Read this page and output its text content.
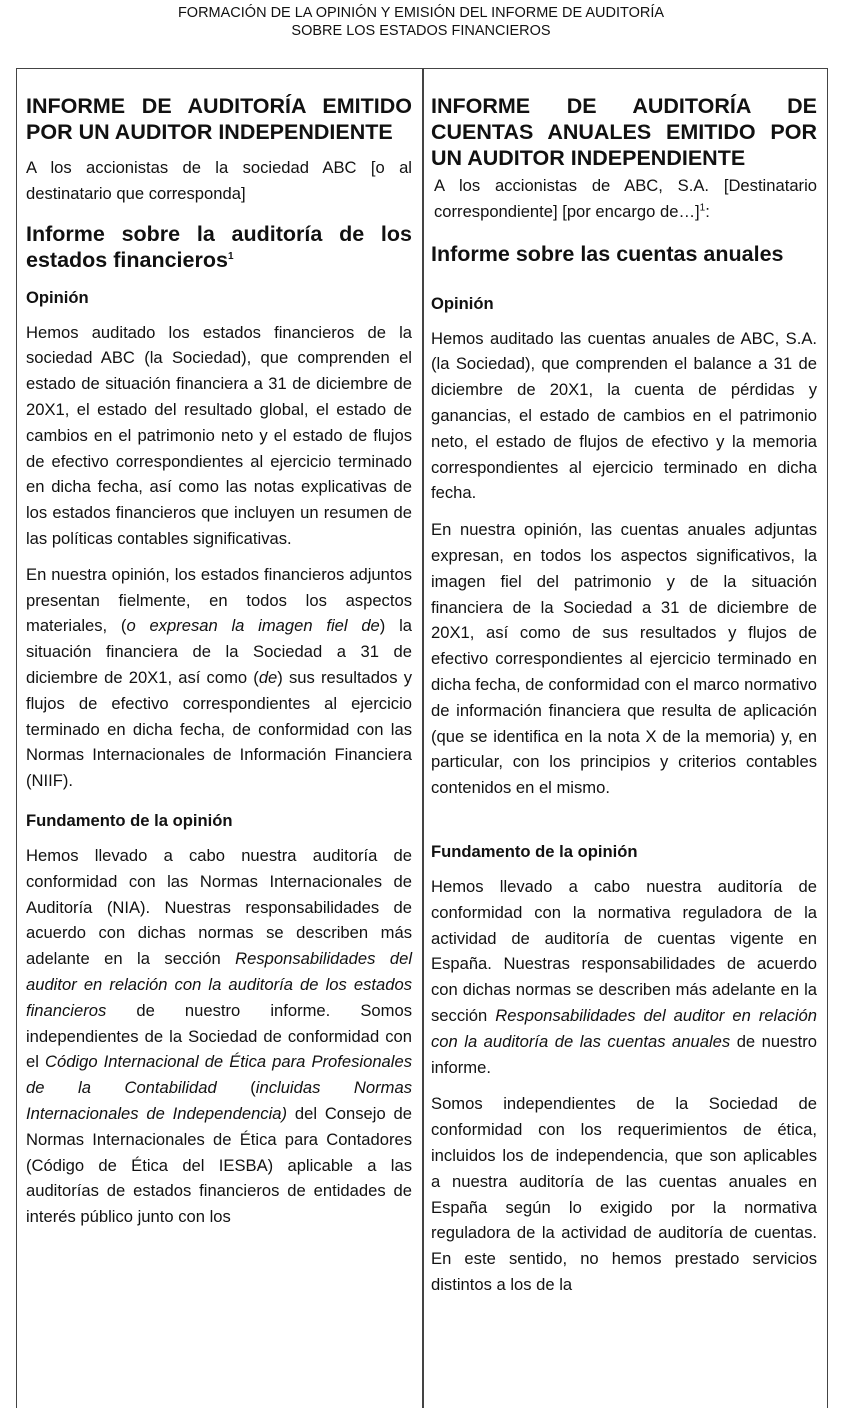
FORMACIÓN DE LA OPINIÓN Y EMISIÓN DEL INFORME DE AUDITORÍA
SOBRE LOS ESTADOS FINANCIEROS
INFORME DE AUDITORÍA EMITIDO
POR UN AUDITOR INDEPENDIENTE

A los accionistas de la sociedad ABC [o al destinatario que corresponda]

Informe sobre la auditoría de los estados financieros$^1$
Opinión

Hemos auditado los estados financieros de la sociedad ABC (la Sociedad), que comprenden el estado de situación financiera a 31 de diciembre de 20X1, el estado del resultado global, el estado de cambios en el patrimonio neto y el estado de flujos de efectivo correspondientes al ejercicio terminado en dicha fecha, así como las notas explicativas de los estados financieros que incluyen un resumen de las políticas contables significativas.

En nuestra opinión, los estados financieros adjuntos presentan fielmente, en todos los aspectos materiales, (o expresan la imagen fiel de) la situación financiera de la Sociedad a 31 de diciembre de 20X1, así como (de) sus resultados y flujos de efectivo correspondientes al ejercicio terminado en dicha fecha, de conformidad con las Normas Internacionales de Información Financiera (NIIF).

Fundamento de la opinión

Hemos llevado a cabo nuestra auditoría de conformidad con las Normas Internacionales de Auditoría (NIA). Nuestras responsabilidades de acuerdo con dichas normas se describen más adelante en la sección Responsabilidades del auditor en relación con la auditoría de los estados financieros de nuestro informe. Somos independientes de la Sociedad de conformidad con el Código Internacional de Ética para Profesionales de la Contabilidad (incluidas Normas Internacionales de Independencia) del Consejo de Normas Internacionales de Ética para Contadores (Código de Ética del IESBA) aplicable a las auditorías de estados financieros de entidades de interés público junto con los

INFORME DE AUDITORÍA DE
CUENTAS ANUALES EMITIDO POR
UN AUDITOR INDEPENDIENTE

A los accionistas de ABC, S.A. [Destinatario correspondiente] [por encargo de…]$^1$:

Informe sobre las cuentas anuales
Opinión

Hemos auditado las cuentas anuales de ABC, S.A. (la Sociedad), que comprenden el balance a 31 de diciembre de 20X1, la cuenta de pérdidas y ganancias, el estado de cambios en el patrimonio neto, el estado de flujos de efectivo y la memoria correspondientes al ejercicio terminado en dicha fecha.

En nuestra opinión, las cuentas anuales adjuntas expresan, en todos los aspectos significativos, la imagen fiel del patrimonio y de la situación financiera de la Sociedad a 31 de diciembre de 20X1, así como de sus resultados y flujos de efectivo correspondientes al ejercicio terminado en dicha fecha, de conformidad con el marco normativo de información financiera que resulta de aplicación (que se identifica en la nota X de la memoria) y, en particular, con los principios y criterios contables contenidos en el mismo.

Fundamento de la opinión

Hemos llevado a cabo nuestra auditoría de conformidad con la normativa reguladora de la actividad de auditoría de cuentas vigente en España. Nuestras responsabilidades de acuerdo con dichas normas se describen más adelante en la sección Responsabilidades del auditor en relación con la auditoría de las cuentas anuales de nuestro informe.

Somos independientes de la Sociedad de conformidad con los requerimientos de ética, incluidos los de independencia, que son aplicables a nuestra auditoría de las cuentas anuales en España según lo exigido por la normativa reguladora de la actividad de auditoría de cuentas. En este sentido, no hemos prestado servicios distintos a los de la
